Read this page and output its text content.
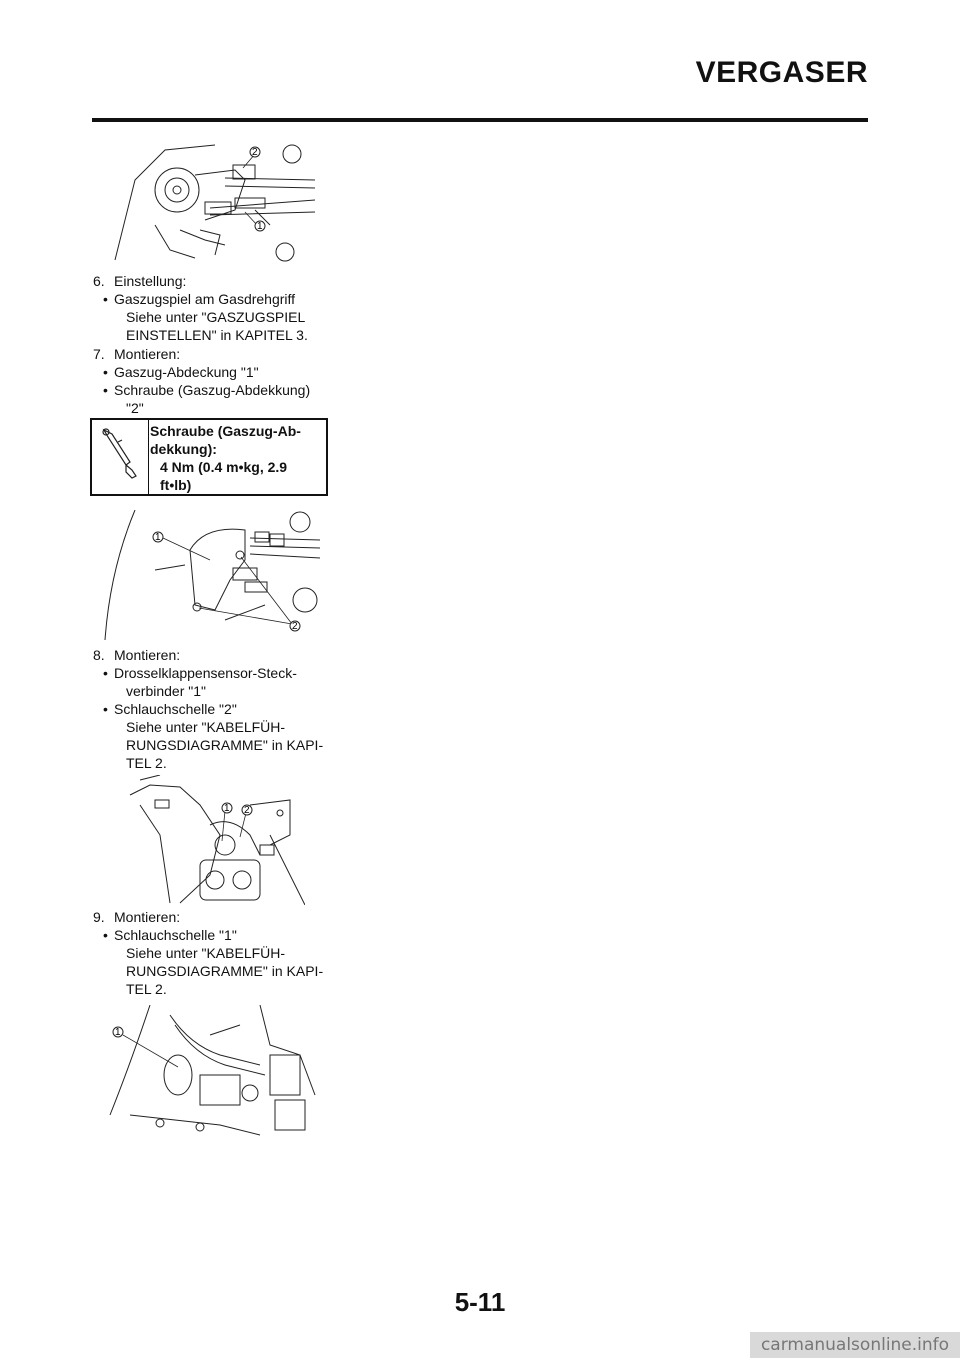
VERGASER
2
1
6. Einstellung:
• Gaszugspiel am Gasdrehgriff
Siehe unter "GASZUGSPIEL
EINSTELLEN" in KAPITEL 3.
7. Montieren:
• Gaszug-Abdeckung "1"
• Schraube (Gaszug-Abdekkung)
"2"
Schraube (Gaszug-Ab-
dekkung):
4 Nm (0.4 m•kg, 2.9
ft•lb)
1
2
8. Montieren:
• Drosselklappensensor-Steck-
verbinder "1"
• Schlauchschelle "2"
Siehe unter "KABELFÜH-
RUNGSDIAGRAMME" in KAPI-
TEL 2.
1 2
9. Montieren:
• Schlauchschelle "1"
Siehe unter "KABELFÜH-
RUNGSDIAGRAMME" in KAPI-
TEL 2.
1
5-11
carmanualsonline.info
